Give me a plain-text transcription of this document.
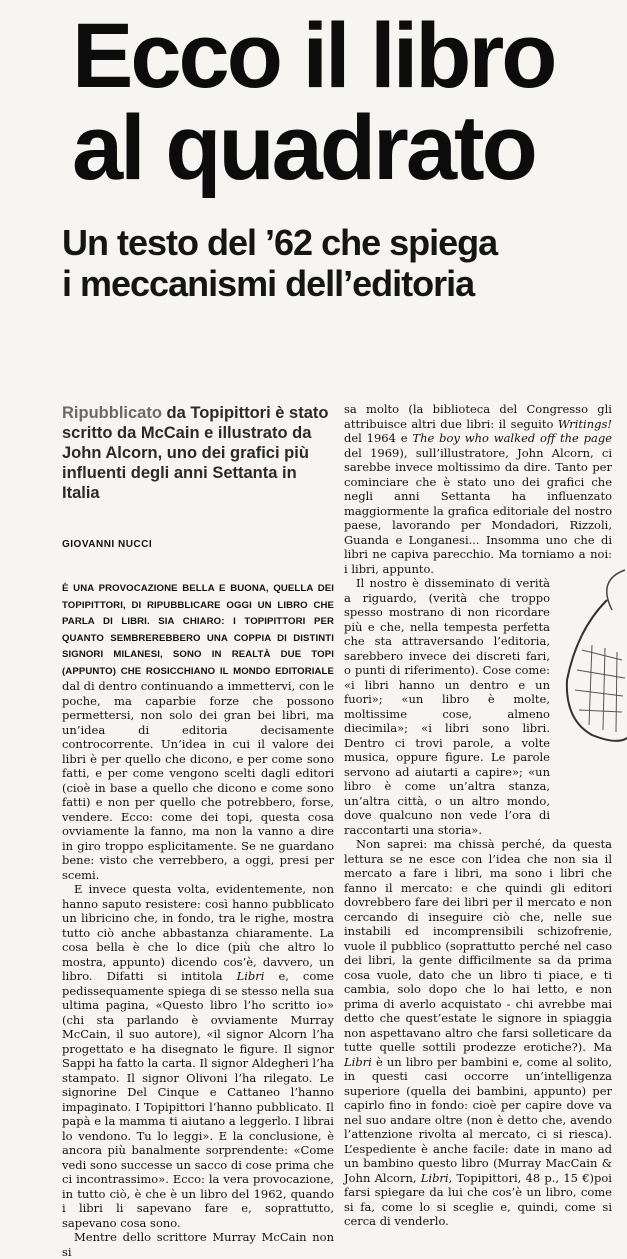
Ecco il libro
al quadrato
Un testo del ’62 che spiega
i meccanismi dell’editoria

Ripubblicato da Topipittori è stato scritto da McCain e illustrato da John Alcorn, uno dei grafici più influenti degli anni Settanta in Italia

GIOVANNI NUCCI

È UNA PROVOCAZIONE BELLA E BUONA, QUELLA DEI TOPIPITTORI, DI RIPUBBLICARE OGGI UN LIBRO CHE PARLA DI LIBRI. SIA CHIARO: I TOPIPITTORI PER QUANTO SEMBREREBBERO UNA COPPIA DI DISTINTI SIGNORI MILANESI, SONO IN REALTÀ DUE TOPI (APPUNTO) CHE ROSICCHIANO IL MONDO EDITORIALE dal di dentro continuando a immettervi, con le poche, ma caparbie forze che possono permettersi, non solo dei gran bei libri, ma un’idea di editoria decisamente controcorrente. Un’idea in cui il valore dei libri è per quello che dicono, e per come sono fatti, e per come vengono scelti dagli editori (cioè in base a quello che dicono e come sono fatti) e non per quello che potrebbero, forse, vendere. Ecco: come dei topi, questa cosa ovviamente la fanno, ma non la vanno a dire in giro troppo esplicitamente. Se ne guardano bene: visto che verrebbero, a oggi, presi per scemi.

E invece questa volta, evidentemente, non hanno saputo resistere: così hanno pubblicato un libricino che, in fondo, tra le righe, mostra tutto ciò anche abbastanza chiaramente. La cosa bella è che lo dice (più che altro lo mostra, appunto) dicendo cos’è, davvero, un libro. Difatti si intitola Libri e, come pedissequamente spiega di se stesso nella sua ultima pagina, «Questo libro l’ho scritto io» (chi sta parlando è ovviamente Murray McCain, il suo autore), «il signor Alcorn l’ha progettato e ha disegnato le figure. Il signor Sappi ha fatto la carta. Il signor Aldegheri l’ha stampato. Il signor Olivoni l’ha rilegato. Le signorine Del Cinque e Cattaneo l’hanno impaginato. I Topipittori l’hanno pubblicato. Il papà e la mamma ti aiutano a leggerlo. I librai lo vendono. Tu lo leggi». E la conclusione, è ancora più banalmente sorprendente: «Come vedi sono successe un sacco di cose prima che ci incontrassimo». Ecco: la vera provocazione, in tutto ciò, è che è un libro del 1962, quando i libri li sapevano fare e, soprattutto, sapevano cosa sono.

Mentre dello scrittore Murray McCain non si

sa molto (la biblioteca del Congresso gli attribuisce altri due libri: il seguito Writings! del 1964 e The boy who walked off the page del 1969), sull’illustratore, John Alcorn, ci sarebbe invece moltissimo da dire. Tanto per cominciare che è stato uno dei grafici che negli anni Settanta ha influenzato maggiormente la grafica editoriale del nostro paese, lavorando per Mondadori, Rizzoli, Guanda e Longanesi... Insomma uno che di libri ne capiva parecchio. Ma torniamo a noi: i libri, appunto.

Il nostro è disseminato di verità a riguardo, (verità che troppo spesso mostrano di non ricordare più e che, nella tempesta perfetta che sta attraversando l’editoria, sarebbero invece dei discreti fari, o punti di riferimento). Cose come: «i libri hanno un dentro e un fuori»; «un libro è molte, moltissime cose, almeno diecimila»; «i libri sono libri. Dentro ci trovi parole, a volte musica, oppure figure. Le parole servono ad aiutarti a capire»; «un libro è come un’altra stanza, un’altra città, o un altro mondo, dove qualcuno non vede l’ora di raccontarti una storia».

Non saprei: ma chissà perché, da questa lettura se ne esce con l’idea che non sia il mercato a fare i libri, ma sono i libri che fanno il mercato: e che quindi gli editori dovrebbero fare dei libri per il mercato e non cercando di inseguire ciò che, nelle sue instabili ed incomprensibili schizofrenie, vuole il pubblico (soprattutto perché nel caso dei libri, la gente difficilmente sa da prima cosa vuole, dato che un libro ti piace, e ti cambia, solo dopo che lo hai letto, e non prima di averlo acquistato - chi avrebbe mai detto che quest’estate le signore in spiaggia non aspettavano altro che farsi solleticare da tutte quelle sottili prodezze erotiche?). Ma Libri è un libro per bambini e, come al solito, in questi casi occorre un’intelligenza superiore (quella dei bambini, appunto) per capirlo fino in fondo: cioè per capire dove va nel suo andare oltre (non è detto che, avendo l’attenzione rivolta al mercato, ci si riesca). L’espediente è anche facile: date in mano ad un bambino questo libro (Murray MacCain & John Alcorn, Libri, Topipittori, 48 p., 15 €)poi farsi spiegare da lui che cos’è un libro, come si fa, come lo si sceglie e, quindi, come si cerca di venderlo.
